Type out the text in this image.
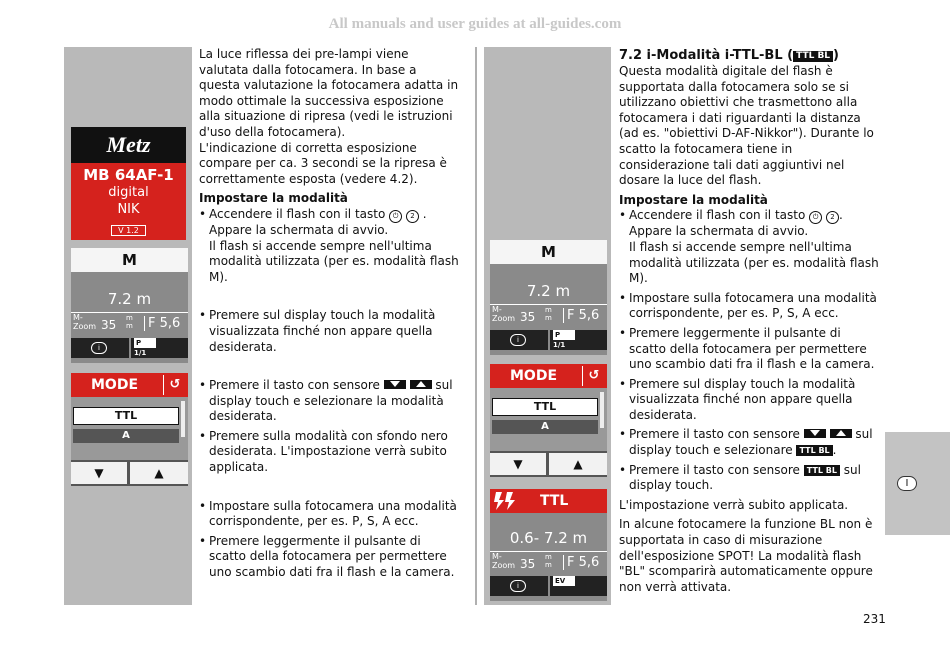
All manuals and user guides at all-guides.com
I
231
Metz
MB 64AF-1
digital
NIK
V 1.2
M
7.2 m
M-
Zoom 35 m
m	F 5,6
i
P
1/1
MODE	↺
TTL
A
▼	▲
M
7.2 m
M-
Zoom 35 m
m	F 5,6
i
P
1/1
MODE	↺
TTL
A
▼	▲
TTL
0.6- 7.2 m
M-
Zoom 35 m
m	F 5,6
i
EV

La luce riflessa dei pre-lampi viene valutata dalla fotocamera. In base a questa valutazione la fotocamera adatta in modo ottimale la successiva esposizione alla situazione di ripresa (vedi le istruzioni d'uso della fotocamera).

L'indicazione di corretta esposizione compare per ca. 3 secondi se la ripresa è correttamente esposta (vedere 4.2).

Impostare la modalità

• Accendere il flash con il tasto ⏻ 2 .
Appare la schermata di avvio.
Il flash si accende sempre nell'ultima modalità utilizzata (per es. modalità flash M).
• Premere sul display touch la modalità visualizzata finché non appare quella desiderata.
• Premere il tasto con sensore
	sul display touch e selezionare la modalità desiderata.
• Premere sulla modalità con sfondo nero desiderata. L'impostazione verrà subito applicata.
• Impostare sulla fotocamera una modalità corrispondente, per es. P, S, A ecc.
• Premere leggermente il pulsante di scatto della fotocamera per permettere uno scambio dati fra il flash e la camera.

7.2 i-Modalità i-TTL-BL ( TTL BL )

Questa modalità digitale del flash è supportata dalla fotocamera solo se si utilizzano obiettivi che trasmettono alla fotocamera i dati riguardanti la distanza (ad es. "obiettivi D-AF-Nikkor"). Durante lo scatto la fotocamera tiene in considerazione tali dati aggiuntivi nel dosare la luce del flash.

Impostare la modalità

• Accendere il flash con il tasto ⏻ 2 .
Appare la schermata di avvio.
Il flash si accende sempre nell'ultima modalità utilizzata (per es. modalità flash M).
• Impostare sulla fotocamera una modalità corrispondente, per es. P, S, A ecc.
• Premere leggermente il pulsante di scatto della fotocamera per permettere uno scambio dati fra il flash e la camera.
• Premere sul display touch la modalità visualizzata finché non appare quella desiderata.
• Premere il tasto con sensore
	sul display touch e selezionare TTL BL .
• Premere il tasto con sensore TTL BL sul display touch.

L'impostazione verrà subito applicata.

In alcune fotocamere la funzione BL non è supportata in caso di misurazione dell'esposizione SPOT! La modalità flash "BL" scomparirà automaticamente oppure non verrà attivata.
